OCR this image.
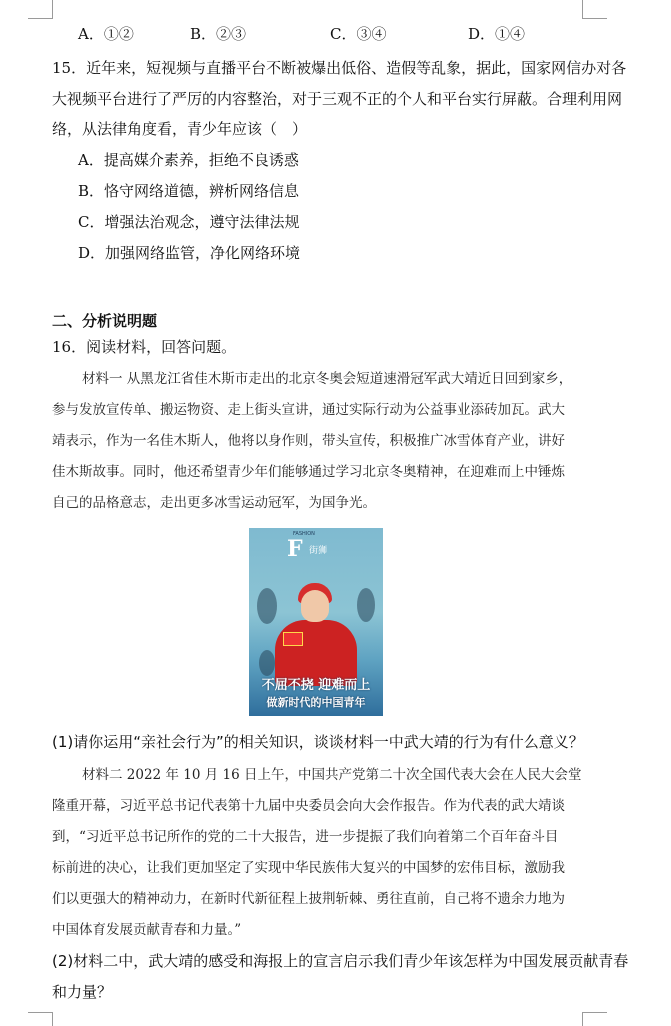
A．①②	B．②③	C．③④	D．①④
15．近年来，短视频与直播平台不断被爆出低俗、造假等乱象，据此，国家网信办对各
大视频平台进行了严厉的内容整治，对于三观不正的个人和平台实行屏蔽。合理利用网
络，从法律角度看，青少年应该（　）
A．提高媒介素养，拒绝不良诱惑
B．恪守网络道德，辨析网络信息
C．增强法治观念，遵守法律法规
D．加强网络监管，净化网络环境
二、分析说明题
16．阅读材料，回答问题。
材料一 从黑龙江省佳木斯市走出的北京冬奥会短道速滑冠军武大靖近日回到家乡，
参与发放宣传单、搬运物资、走上街头宣讲，通过实际行动为公益事业添砖加瓦。武大
靖表示，作为一名佳木斯人，他将以身作则，带头宣传，积极推广冰雪体育产业，讲好
佳木斯故事。同时，他还希望青少年们能够通过学习北京冬奥精神，在迎难而上中锤炼
自己的品格意志，走出更多冰雪运动冠军，为国争光。
FASHION
F 街狮
不屈不挠 迎难而上
做新时代的中国青年
(1)请你运用“亲社会行为”的相关知识，谈谈材料一中武大靖的行为有什么意义？
材料二 2022 年 10 月 16 日上午，中国共产党第二十次全国代表大会在人民大会堂
隆重开幕，习近平总书记代表第十九届中央委员会向大会作报告。作为代表的武大靖谈
到，“习近平总书记所作的党的二十大报告，进一步提振了我们向着第二个百年奋斗目
标前进的决心，让我们更加坚定了实现中华民族伟大复兴的中国梦的宏伟目标，激励我
们以更强大的精神动力，在新时代新征程上披荆斩棘、勇往直前，自己将不遗余力地为
中国体育发展贡献青春和力量。”
(2)材料二中，武大靖的感受和海报上的宣言启示我们青少年该怎样为中国发展贡献青春
和力量？
